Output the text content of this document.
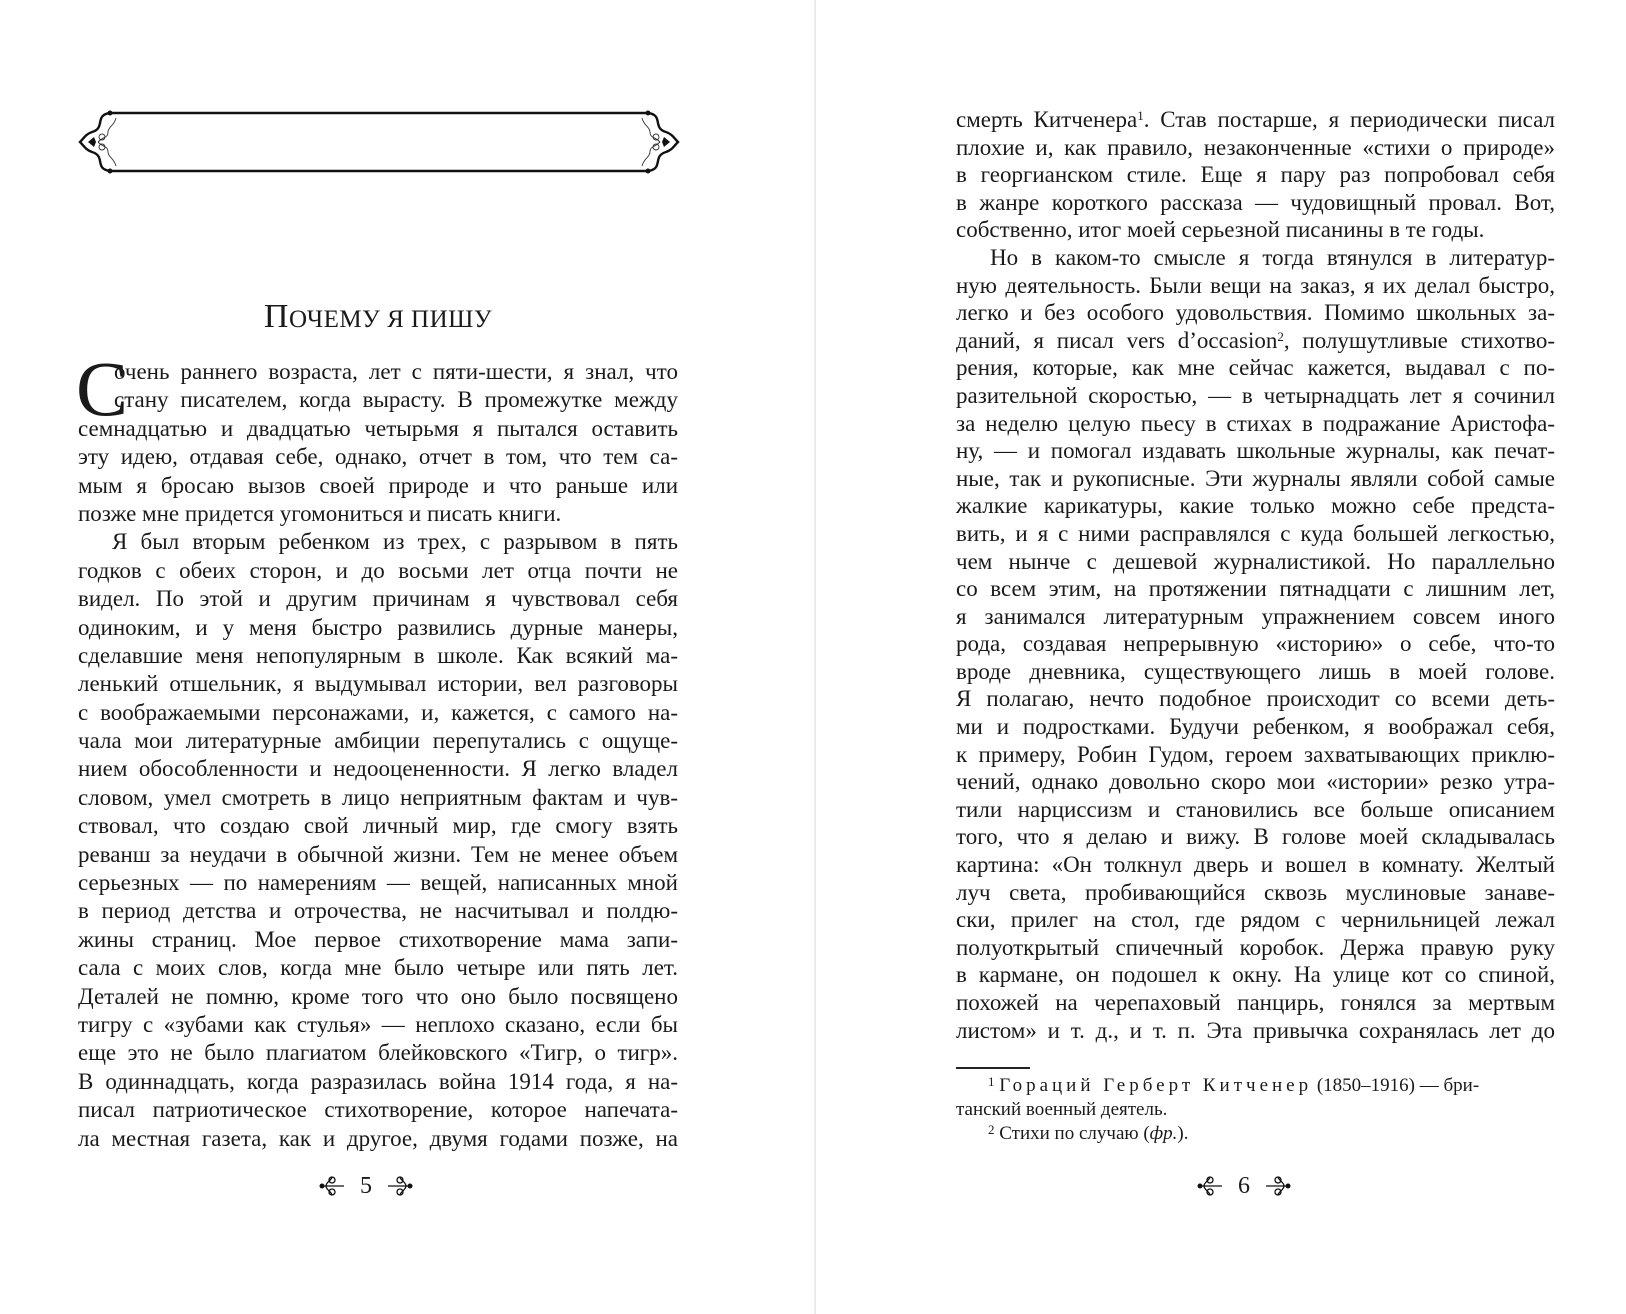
ПОЧЕМУ Я ПИШУ
С
очень раннего возраста, лет с пяти-шести, я знал, что
стану писателем, когда вырасту. В промежутке между
семнадцатью и двадцатью четырьмя я пытался оставить
эту идею, отдавая себе, однако, отчет в том, что тем са-
мым я бросаю вызов своей природе и что раньше или
позже мне придется угомониться и писать книги.
Я был вторым ребенком из трех, с разрывом в пять
годков с обеих сторон, и до восьми лет отца почти не
видел. По этой и другим причинам я чувствовал себя
одиноким, и у меня быстро развились дурные манеры,
сделавшие меня непопулярным в школе. Как всякий ма-
ленький отшельник, я выдумывал истории, вел разговоры
с воображаемыми персонажами, и, кажется, с самого на-
чала мои литературные амбиции перепутались с ощуще-
нием обособленности и недооцененности. Я легко владел
словом, умел смотреть в лицо неприятным фактам и чув-
ствовал, что создаю свой личный мир, где смогу взять
реванш за неудачи в обычной жизни. Тем не менее объем
серьезных — по намерениям — вещей, написанных мной
в период детства и отрочества, не насчитывал и полдю-
жины страниц. Мое первое стихотворение мама запи-
сала с моих слов, когда мне было четыре или пять лет.
Деталей не помню, кроме того что оно было посвящено
тигру с «зубами как стулья» — неплохо сказано, если бы
еще это не было плагиатом блейковского «Тигр, о тигр».
В одиннадцать, когда разразилась война 1914 года, я на-
писал патриотическое стихотворение, которое напечата-
ла местная газета, как и другое, двумя годами позже, на
5
смерть Китченера$^1$. Став постарше, я периодически писал
плохие и, как правило, незаконченные «стихи о природе»
в георгианском стиле. Еще я пару раз попробовал себя
в жанре короткого рассказа — чудовищный провал. Вот,
собственно, итог моей серьезной писанины в те годы.
Но в каком-то смысле я тогда втянулся в литератур-
ную деятельность. Были вещи на заказ, я их делал быстро,
легко и без особого удовольствия. Помимо школьных за-
даний, я писал vers d’occasion$^2$, полушутливые стихотво-
рения, которые, как мне сейчас кажется, выдавал с по-
разительной скоростью, — в четырнадцать лет я сочинил
за неделю целую пьесу в стихах в подражание Аристофа-
ну, — и помогал издавать школьные журналы, как печат-
ные, так и рукописные. Эти журналы являли собой самые
жалкие карикатуры, какие только можно себе предста-
вить, и я с ними расправлялся с куда большей легкостью,
чем нынче с дешевой журналистикой. Но параллельно
со всем этим, на протяжении пятнадцати с лишним лет,
я занимался литературным упражнением совсем иного
рода, создавая непрерывную «историю» о себе, что-то
вроде дневника, существующего лишь в моей голове.
Я полагаю, нечто подобное происходит со всеми деть-
ми и подростками. Будучи ребенком, я воображал себя,
к примеру, Робин Гудом, героем захватывающих приклю-
чений, однако довольно скоро мои «истории» резко утра-
тили нарциссизм и становились все больше описанием
того, что я делаю и вижу. В голове моей складывалась
картина: «Он толкнул дверь и вошел в комнату. Желтый
луч света, пробивающийся сквозь муслиновые занаве-
ски, прилег на стол, где рядом с чернильницей лежал
полуоткрытый спичечный коробок. Держа правую руку
в кармане, он подошел к окну. На улице кот со спиной,
похожей на черепаховый панцирь, гонялся за мертвым
листом» и т. д., и т. п. Эта привычка сохранялась лет до
$^1$ Гораций Герберт Китченер (1850–1916) — бри-
танский военный деятель.
$^2$ Стихи по случаю (фр.).
6
